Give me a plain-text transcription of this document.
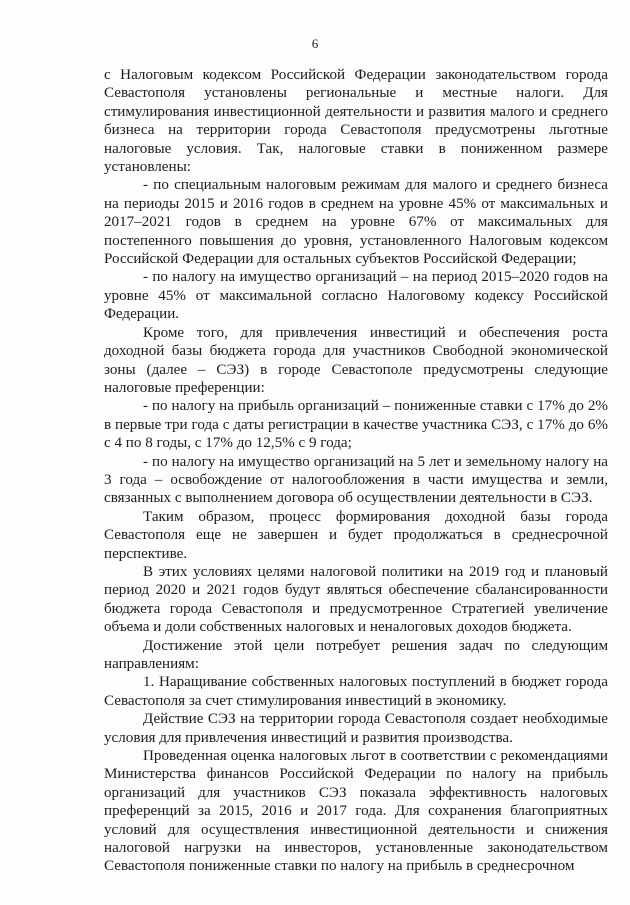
6

с Налоговым кодексом Российской Федерации законодательством города Севастополя установлены региональные и местные налоги. Для стимулирования инвестиционной деятельности и развития малого и среднего бизнеса на территории города Севастополя предусмотрены льготные налоговые условия. Так, налоговые ставки в пониженном размере установлены:

- по специальным налоговым режимам для малого и среднего бизнеса на периоды 2015 и 2016 годов в среднем на уровне 45% от максимальных и 2017–2021 годов в среднем на уровне 67% от максимальных для постепенного повышения до уровня, установленного Налоговым кодексом Российской Федерации для остальных субъектов Российской Федерации;

- по налогу на имущество организаций – на период 2015–2020 годов на уровне 45% от максимальной согласно Налоговому кодексу Российской Федерации.

Кроме того, для привлечения инвестиций и обеспечения роста доходной базы бюджета города для участников Свободной экономической зоны (далее – СЭЗ) в городе Севастополе предусмотрены следующие налоговые преференции:

- по налогу на прибыль организаций – пониженные ставки с 17% до 2% в первые три года с даты регистрации в качестве участника СЭЗ, с 17% до 6% с 4 по 8 годы, с 17% до 12,5% с 9 года;

- по налогу на имущество организаций на 5 лет и земельному налогу на 3 года – освобождение от налогообложения в части имущества и земли, связанных с выполнением договора об осуществлении деятельности в СЭЗ.

Таким образом, процесс формирования доходной базы города Севастополя еще не завершен и будет продолжаться в среднесрочной перспективе.

В этих условиях целями налоговой политики на 2019 год и плановый период 2020 и 2021 годов будут являться обеспечение сбалансированности бюджета города Севастополя и предусмотренное Стратегией увеличение объема и доли собственных налоговых и неналоговых доходов бюджета.

Достижение этой цели потребует решения задач по следующим направлениям:

1. Наращивание собственных налоговых поступлений в бюджет города Севастополя за счет стимулирования инвестиций в экономику.

Действие СЭЗ на территории города Севастополя создает необходимые условия для привлечения инвестиций и развития производства.

Проведенная оценка налоговых льгот в соответствии с рекомендациями Министерства финансов Российской Федерации по налогу на прибыль организаций для участников СЭЗ показала эффективность налоговых преференций за 2015, 2016 и 2017 года. Для сохранения благоприятных условий для осуществления инвестиционной деятельности и снижения налоговой нагрузки на инвесторов, установленные законодательством Севастополя пониженные ставки по налогу на прибыль в среднесрочном
